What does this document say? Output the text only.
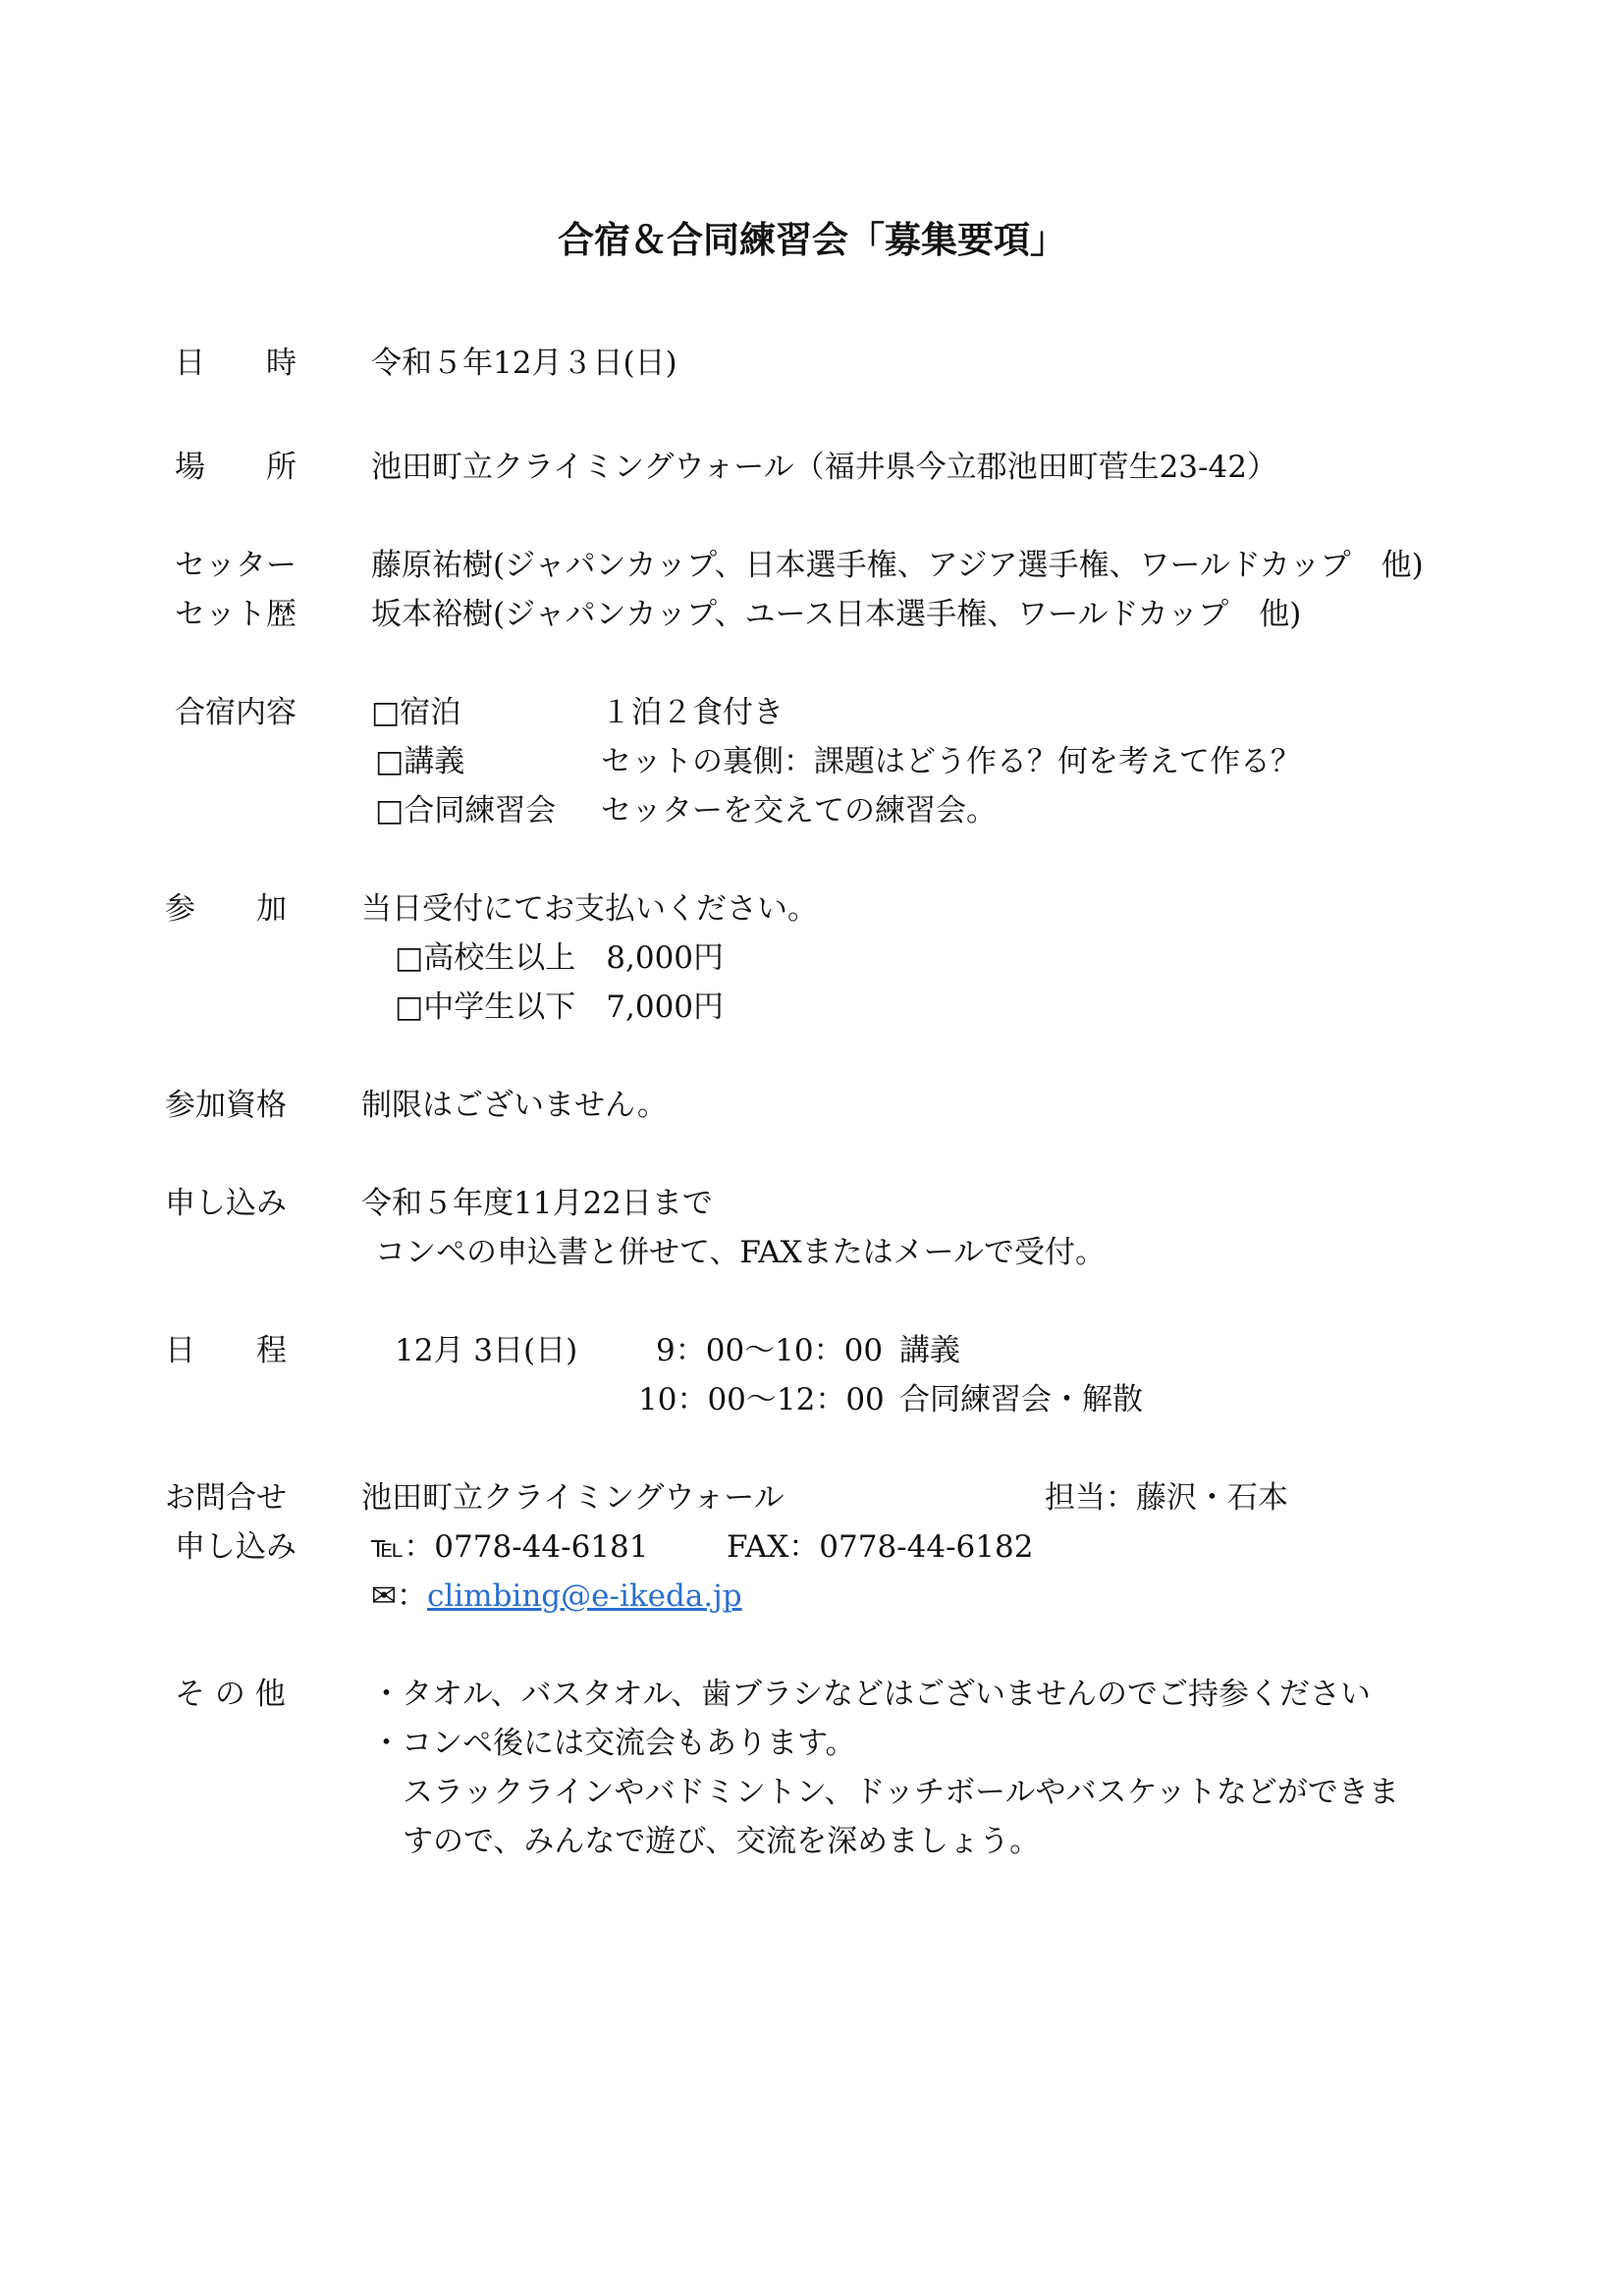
合宿＆合同練習会「募集要項」
日　　時 令和５年12月３日(日)
場　　所 池田町立クライミングウォール（福井県今立郡池田町菅生23-42）
セッター 藤原祐樹(ジャパンカップ、日本選手権、アジア選手権、ワールドカップ　他)
セット歴 坂本裕樹(ジャパンカップ、ユース日本選手権、ワールドカップ　他)
合宿内容 □宿泊	１泊２食付き
□講義	セットの裏側：課題はどう作る？何を考えて作る？
□合同練習会 セッターを交えての練習会。
参　　加 当日受付にてお支払いください。
□高校生以上　8,000円
□中学生以下　7,000円
参加資格 制限はございません。
申し込み 令和５年度11月22日まで
コンペの申込書と併せて、FAXまたはメールで受付。
日　　程	12月 3日(日)	9：00～10：00 講義
10：00～12：00 合同練習会・解散
お問合せ 池田町立クライミングウォール	担当：藤沢・石本
申し込み ℡：0778-44-6181	FAX：0778-44-6182
✉：climbing@e-ikeda.jp
そ の 他	・タオル、バスタオル、歯ブラシなどはございませんのでご持参ください
・コンペ後には交流会もあります。
スラックラインやバドミントン、ドッチボールやバスケットなどができま
すので、みんなで遊び、交流を深めましょう。
